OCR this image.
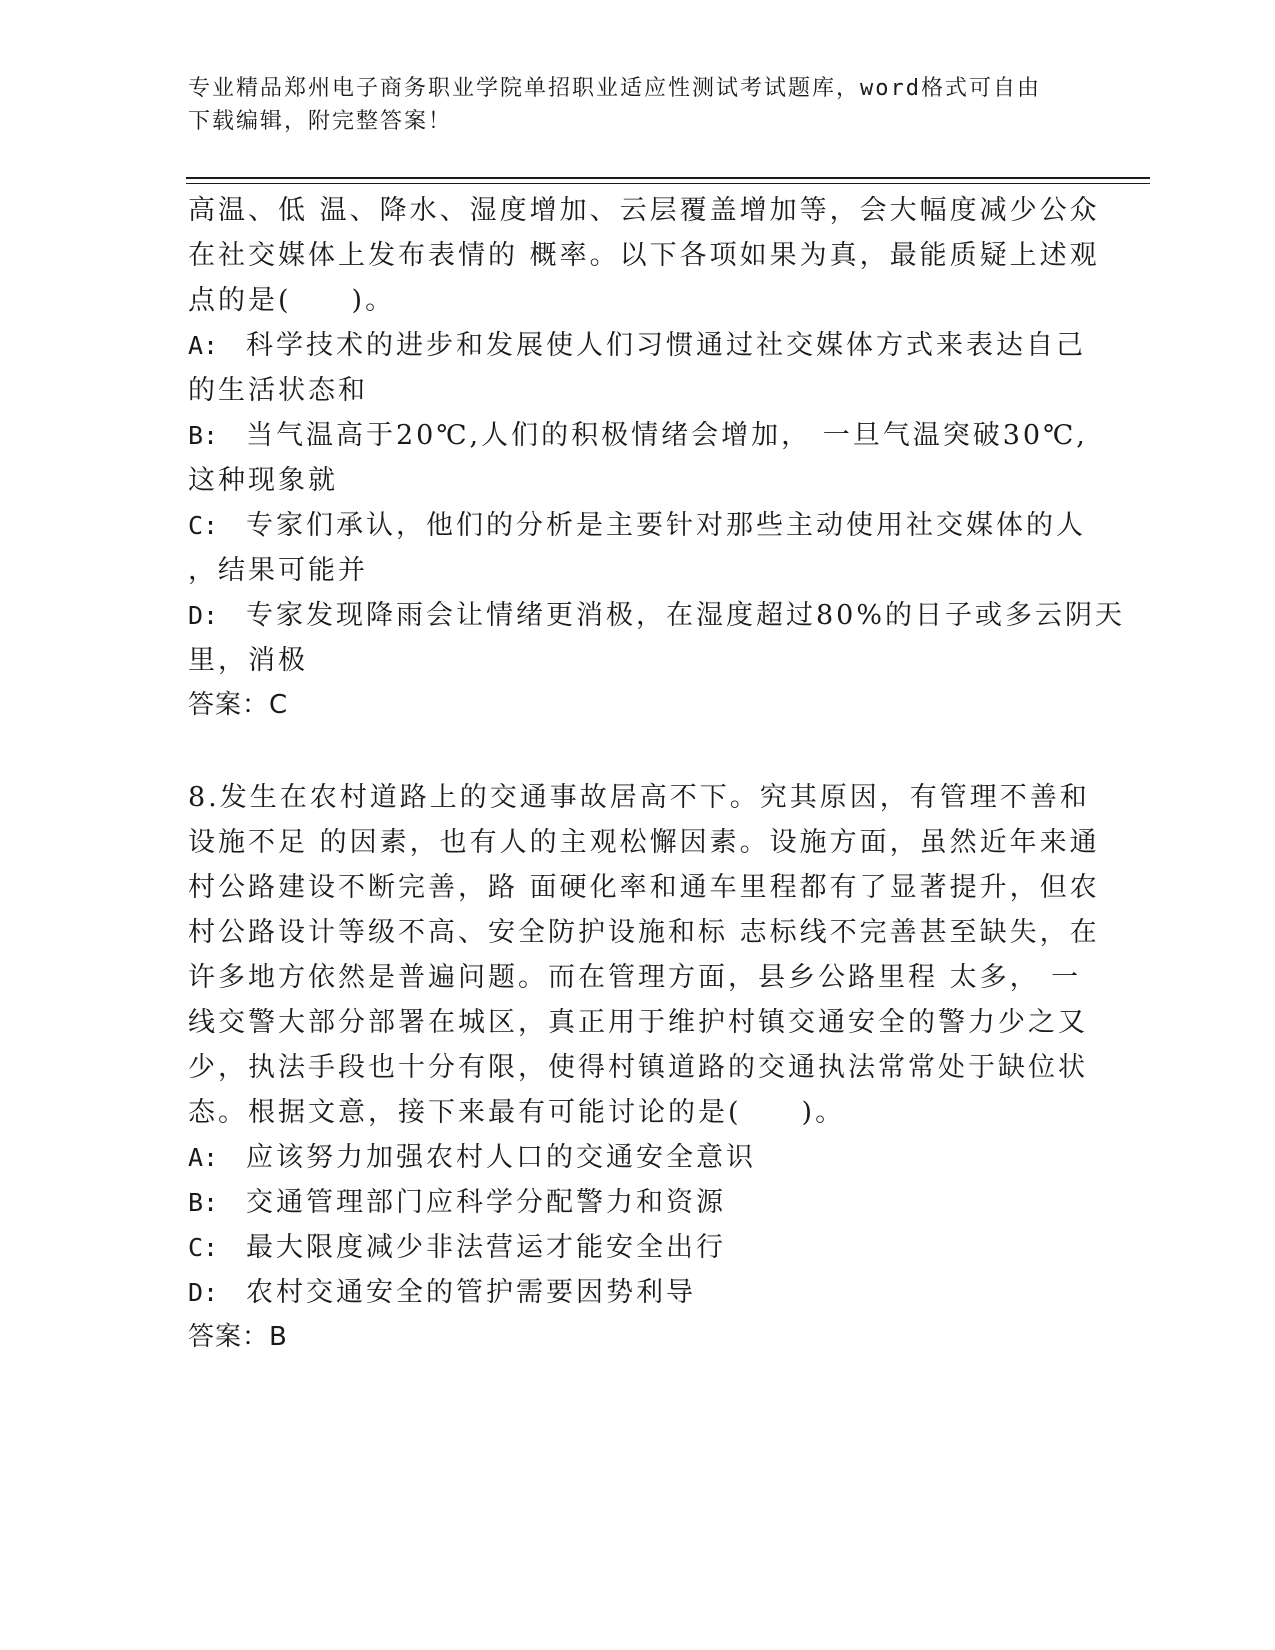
专业精品郑州电子商务职业学院单招职业适应性测试考试题库，word格式可自由
下载编辑，附完整答案！
高温、低 温、降水、湿度增加、云层覆盖增加等，会大幅度减少公众
在社交媒体上发布表情的 概率。以下各项如果为真，最能质疑上述观
点的是(　　)。
A: 科学技术的进步和发展使人们习惯通过社交媒体方式来表达自己
的生活状态和
B: 当气温高于20℃,人们的积极情绪会增加， 一旦气温突破30℃,
这种现象就
C: 专家们承认，他们的分析是主要针对那些主动使用社交媒体的人
，结果可能并
D: 专家发现降雨会让情绪更消极，在湿度超过80%的日子或多云阴天
里，消极
答案：C
8.发生在农村道路上的交通事故居高不下。究其原因，有管理不善和
设施不足 的因素，也有人的主观松懈因素。设施方面，虽然近年来通
村公路建设不断完善，路 面硬化率和通车里程都有了显著提升，但农
村公路设计等级不高、安全防护设施和标 志标线不完善甚至缺失，在
许多地方依然是普遍问题。而在管理方面，县乡公路里程 太多， 一
线交警大部分部署在城区，真正用于维护村镇交通安全的警力少之又
少，执法手段也十分有限，使得村镇道路的交通执法常常处于缺位状
态。根据文意，接下来最有可能讨论的是(　　)。
A: 应该努力加强农村人口的交通安全意识
B: 交通管理部门应科学分配警力和资源
C: 最大限度减少非法营运才能安全出行
D: 农村交通安全的管护需要因势利导
答案：B
